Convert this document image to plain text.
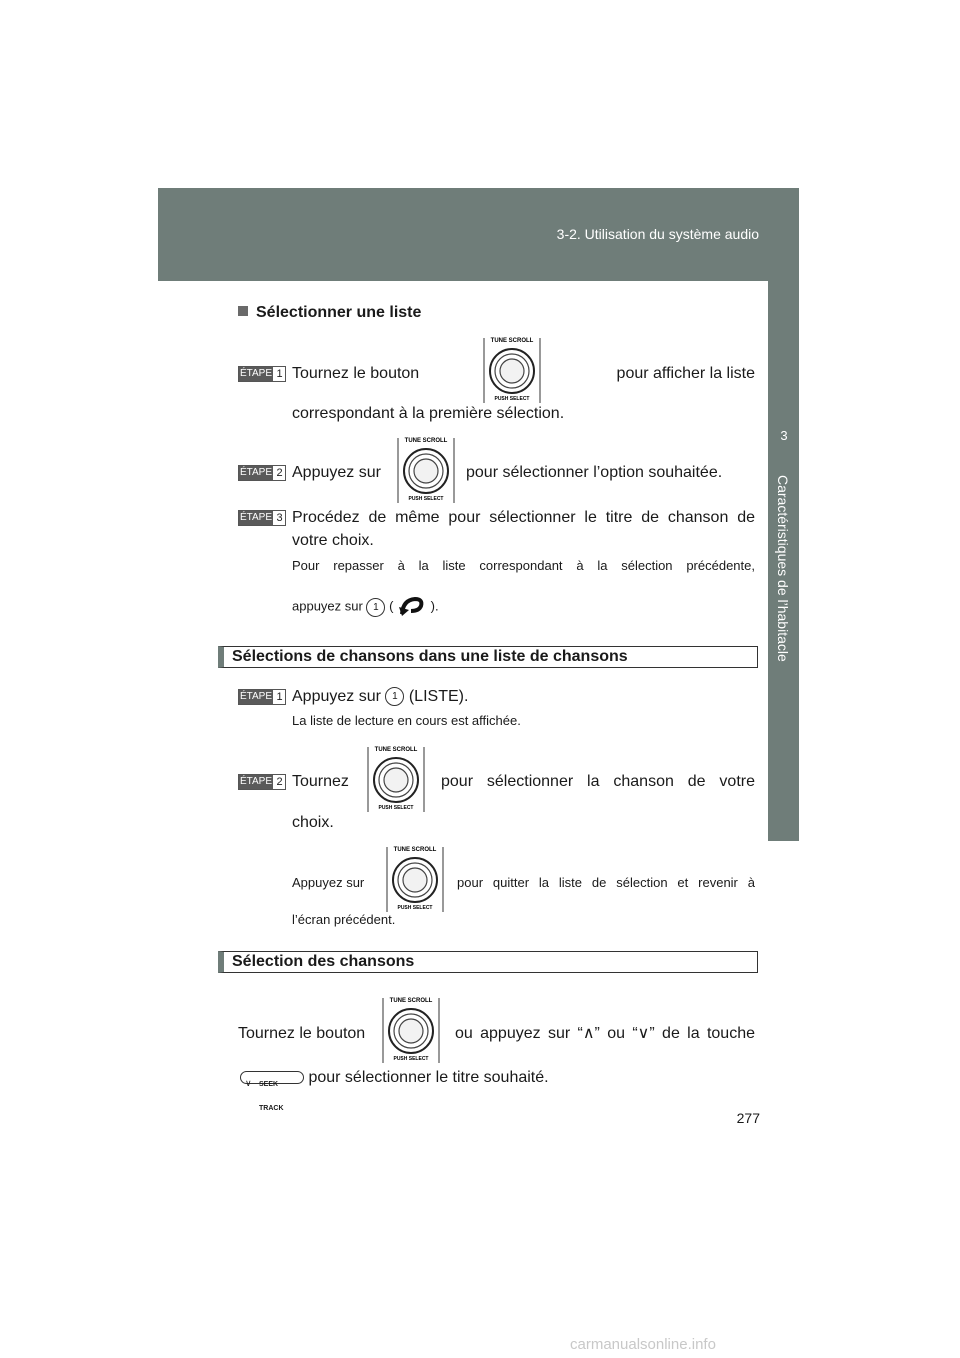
3-2. Utilisation du système audio
3
Caractéristiques de l’habitacle
Sélectionner une liste
ÉTAPE 1 Tournez le bouton	pour afficher la liste
correspondant à la première sélection.
TUNE SCROLL
PUSH SELECT
ÉTAPE 2 Appuyez sur	pour sélectionner l’option souhaitée.
TUNE SCROLL
PUSH SELECT
ÉTAPE 3 Procédez de même pour sélectionner le titre de chanson de
votre choix.
Pour repasser à la liste correspondant à la sélection précédente,
appuyez sur 1 (	).
Sélections de chansons dans une liste de chansons
ÉTAPE 1 Appuyez sur 1 (LISTE).
La liste de lecture en cours est affichée.
ÉTAPE 2 Tournez	pour sélectionner la chanson de votre
choix.
TUNE SCROLL
PUSH SELECT
Appuyez sur	pour quitter la liste de sélection et revenir à
l’écran précédent.
TUNE SCROLL
PUSH SELECT
Sélection des chansons
Tournez le bouton	ou appuyez sur “∧” ou “∨” de la touche
TUNE SCROLL
PUSH SELECT
∨ SEEK TRACK
pour sélectionner le titre souhaité.
277
carmanualsonline.info
